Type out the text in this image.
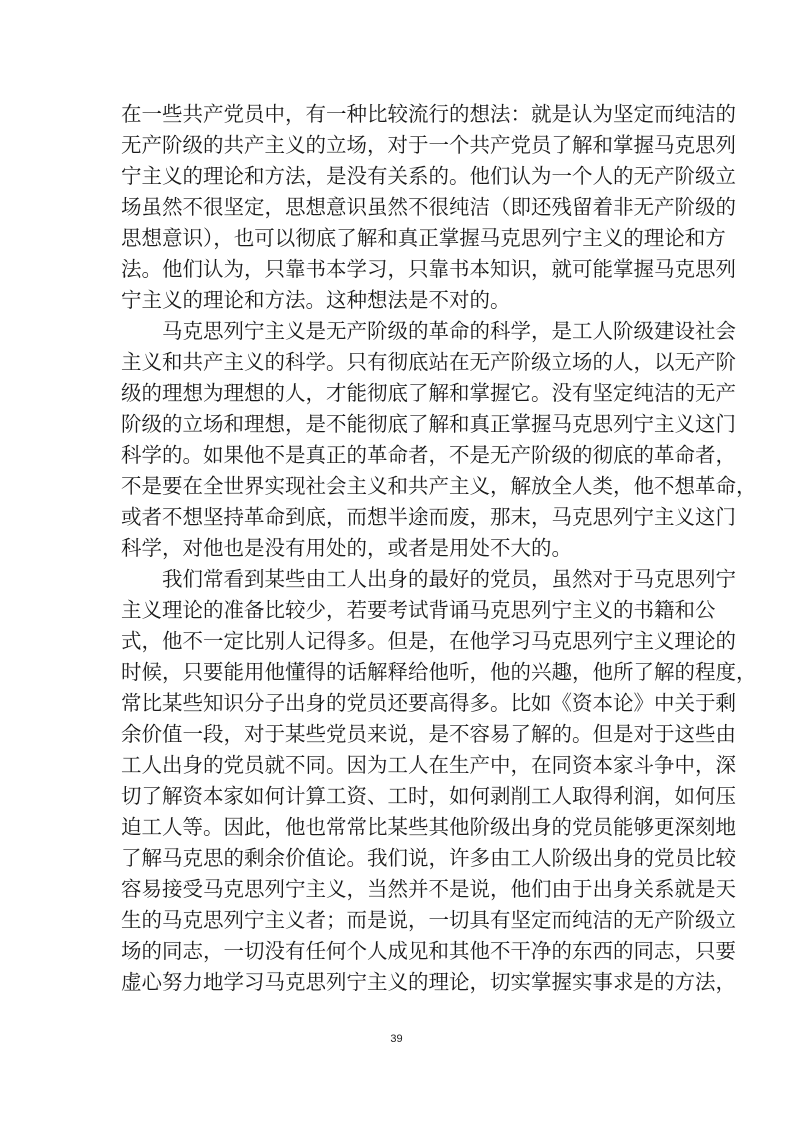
在一些共产党员中，有一种比较流行的想法：就是认为坚定而纯洁的
无产阶级的共产主义的立场，对于一个共产党员了解和掌握马克思列
宁主义的理论和方法，是没有关系的。他们认为一个人的无产阶级立
场虽然不很坚定，思想意识虽然不很纯洁（即还残留着非无产阶级的
思想意识），也可以彻底了解和真正掌握马克思列宁主义的理论和方
法。他们认为，只靠书本学习，只靠书本知识，就可能掌握马克思列
宁主义的理论和方法。这种想法是不对的。
马克思列宁主义是无产阶级的革命的科学，是工人阶级建设社会
主义和共产主义的科学。只有彻底站在无产阶级立场的人，以无产阶
级的理想为理想的人，才能彻底了解和掌握它。没有坚定纯洁的无产
阶级的立场和理想，是不能彻底了解和真正掌握马克思列宁主义这门
科学的。如果他不是真正的革命者，不是无产阶级的彻底的革命者，
不是要在全世界实现社会主义和共产主义，解放全人类，他不想革命，
或者不想坚持革命到底，而想半途而废，那末，马克思列宁主义这门
科学，对他也是没有用处的，或者是用处不大的。
我们常看到某些由工人出身的最好的党员，虽然对于马克思列宁
主义理论的准备比较少，若要考试背诵马克思列宁主义的书籍和公
式，他不一定比别人记得多。但是，在他学习马克思列宁主义理论的
时候，只要能用他懂得的话解释给他听，他的兴趣，他所了解的程度，
常比某些知识分子出身的党员还要高得多。比如《资本论》中关于剩
余价值一段，对于某些党员来说，是不容易了解的。但是对于这些由
工人出身的党员就不同。因为工人在生产中，在同资本家斗争中，深
切了解资本家如何计算工资、工时，如何剥削工人取得利润，如何压
迫工人等。因此，他也常常比某些其他阶级出身的党员能够更深刻地
了解马克思的剩余价值论。我们说，许多由工人阶级出身的党员比较
容易接受马克思列宁主义，当然并不是说，他们由于出身关系就是天
生的马克思列宁主义者；而是说，一切具有坚定而纯洁的无产阶级立
场的同志，一切没有任何个人成见和其他不干净的东西的同志，只要
虚心努力地学习马克思列宁主义的理论，切实掌握实事求是的方法，
39
